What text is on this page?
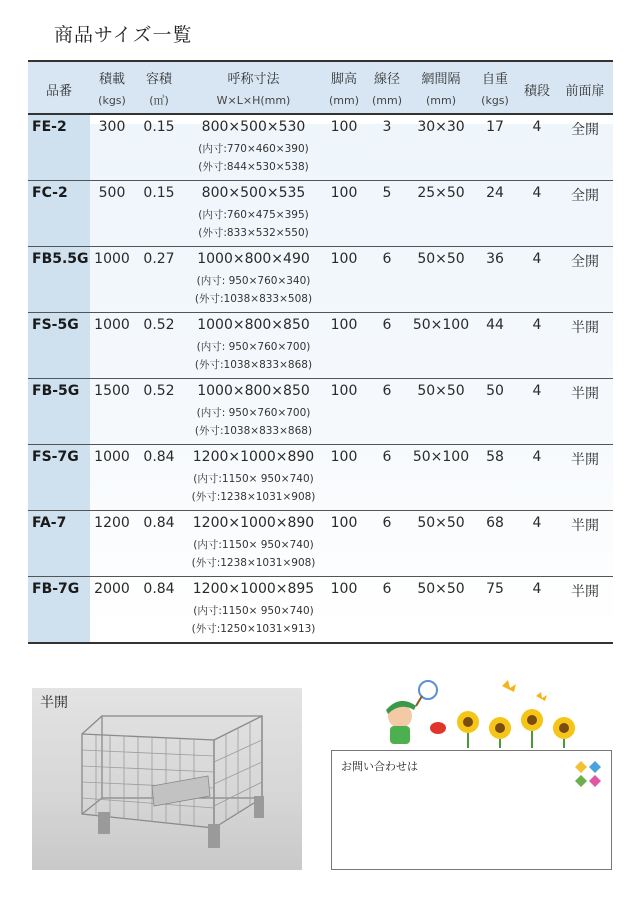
商品サイズ一覧
品番	積載	容積	呼称寸法	脚高	線径	網間隔	自重	積段	前面扉
	(kgs)	(㎥)	W×L×H(mm)	(mm)	(mm)	(mm)	(kgs)		
FE-2	300	0.15	800×500×530	100	3	30×30	17	4	全開
			(内寸:770×460×390)						
			(外寸:844×530×538)						
FC-2	500	0.15	800×500×535	100	5	25×50	24	4	全開
			(内寸:760×475×395)						
			(外寸:833×532×550)						
FB5.5G	1000	0.27	1000×800×490	100	6	50×50	36	4	全開
			(内寸: 950×760×340)						
			(外寸:1038×833×508)						
FS-5G	1000	0.52	1000×800×850	100	6	50×100	44	4	半開
			(内寸: 950×760×700)						
			(外寸:1038×833×868)						
FB-5G	1500	0.52	1000×800×850	100	6	50×50	50	4	半開
			(内寸: 950×760×700)						
			(外寸:1038×833×868)						
FS-7G	1000	0.84	1200×1000×890	100	6	50×100	58	4	半開
			(内寸:1150× 950×740)						
			(外寸:1238×1031×908)						
FA-7	1200	0.84	1200×1000×890	100	6	50×50	68	4	半開
			(内寸:1150× 950×740)						
			(外寸:1238×1031×908)						
FB-7G	2000	0.84	1200×1000×895	100	6	50×50	75	4	半開
			(内寸:1150× 950×740)						
			(外寸:1250×1031×913)						
半開
お問い合わせは
